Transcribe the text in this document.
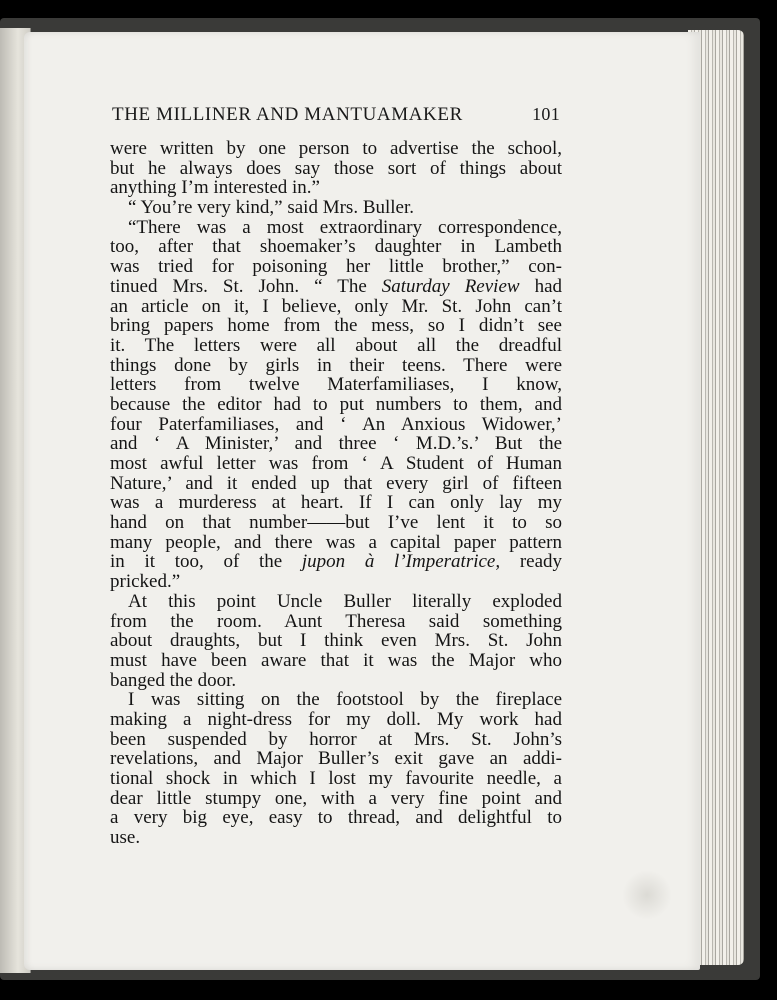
THE MILLINER AND MANTUAMAKER	101
were written by one person to advertise the school,
but he always does say those sort of things about
anything I’m interested in.”
“ You’re very kind,” said Mrs. Buller.
“There was a most extraordinary correspondence,
too, after that shoemaker’s daughter in Lambeth
was tried for poisoning her little brother,” con-
tinued Mrs. St. John. “ The Saturday Review had
an article on it, I believe, only Mr. St. John can’t
bring papers home from the mess, so I didn’t see
it. The letters were all about all the dreadful
things done by girls in their teens. There were
letters from twelve Materfamiliases, I know,
because the editor had to put numbers to them, and
four Paterfamiliases, and ‘ An Anxious Widower,’
and ‘ A Minister,’ and three ‘ M.D.’s.’ But the
most awful letter was from ‘ A Student of Human
Nature,’ and it ended up that every girl of fifteen
was a murderess at heart. If I can only lay my
hand on that number——but I’ve lent it to so
many people, and there was a capital paper pattern
in it too, of the jupon à l’Imperatrice, ready
pricked.”
At this point Uncle Buller literally exploded
from the room. Aunt Theresa said something
about draughts, but I think even Mrs. St. John
must have been aware that it was the Major who
banged the door.
I was sitting on the footstool by the fireplace
making a night-dress for my doll. My work had
been suspended by horror at Mrs. St. John’s
revelations, and Major Buller’s exit gave an addi-
tional shock in which I lost my favourite needle, a
dear little stumpy one, with a very fine point and
a very big eye, easy to thread, and delightful to
use.
